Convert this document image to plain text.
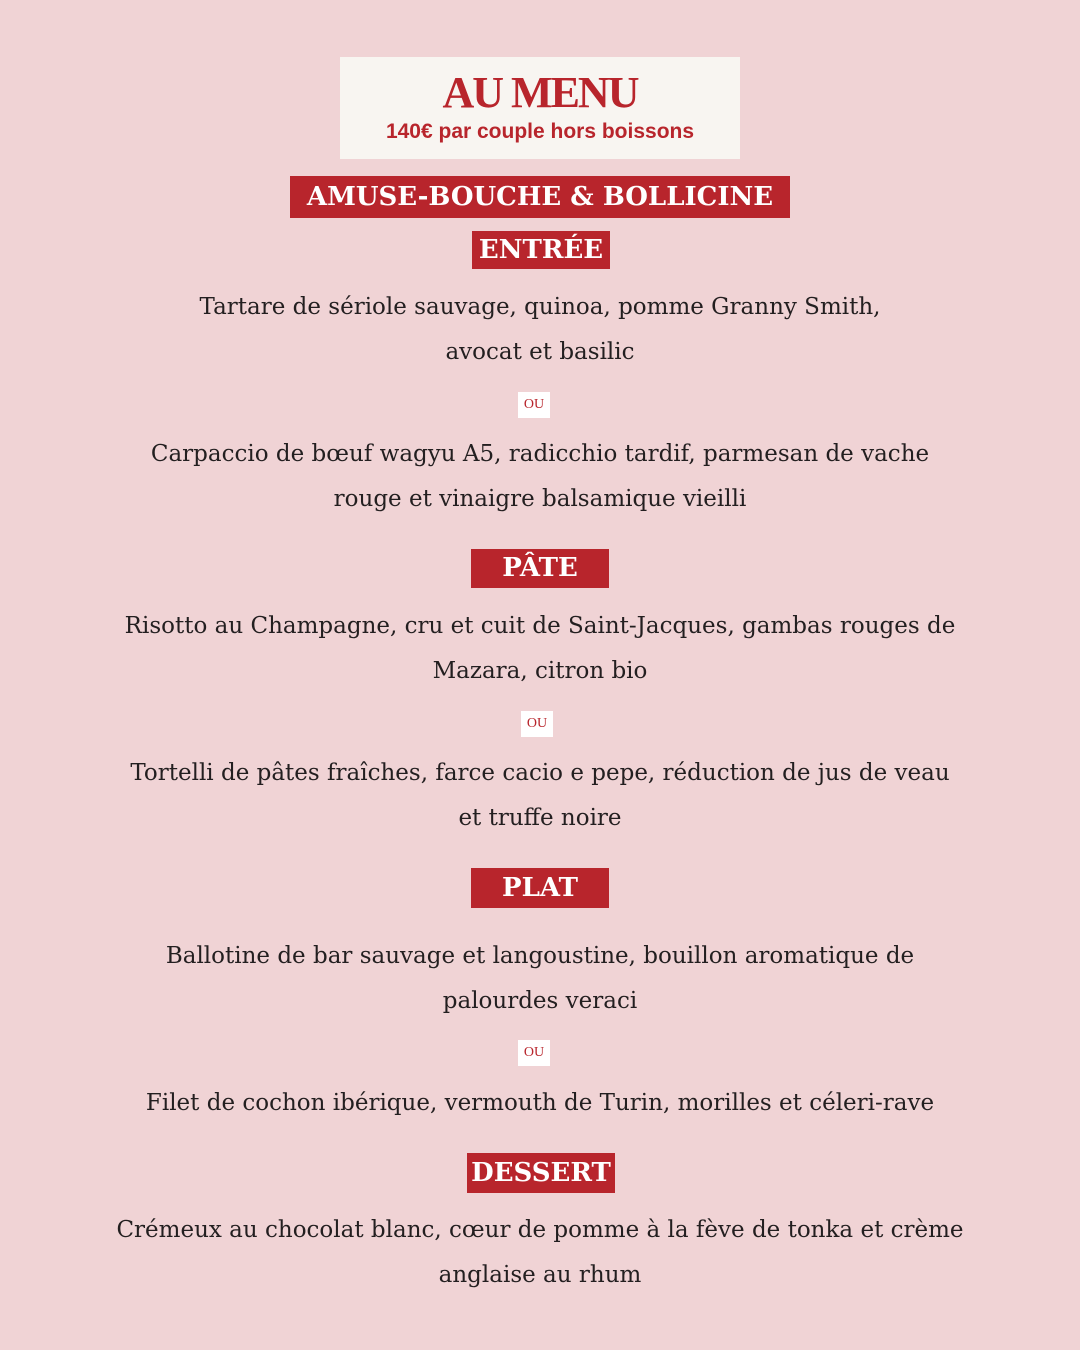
AU MENU
140€ par couple hors boissons
AMUSE-BOUCHE & BOLLICINE
ENTRÉE
Tartare de sériole sauvage, quinoa, pomme Granny Smith,
avocat et basilic
OU
Carpaccio de bœuf wagyu A5, radicchio tardif, parmesan de vache
rouge et vinaigre balsamique vieilli
PÂTE
Risotto au Champagne, cru et cuit de Saint-Jacques, gambas rouges de
Mazara, citron bio
OU
Tortelli de pâtes fraîches, farce cacio e pepe, réduction de jus de veau
et truffe noire
PLAT
Ballotine de bar sauvage et langoustine, bouillon aromatique de
palourdes veraci
OU
Filet de cochon ibérique, vermouth de Turin, morilles et céleri-rave
DESSERT
Crémeux au chocolat blanc, cœur de pomme à la fève de tonka et crème
anglaise au rhum
